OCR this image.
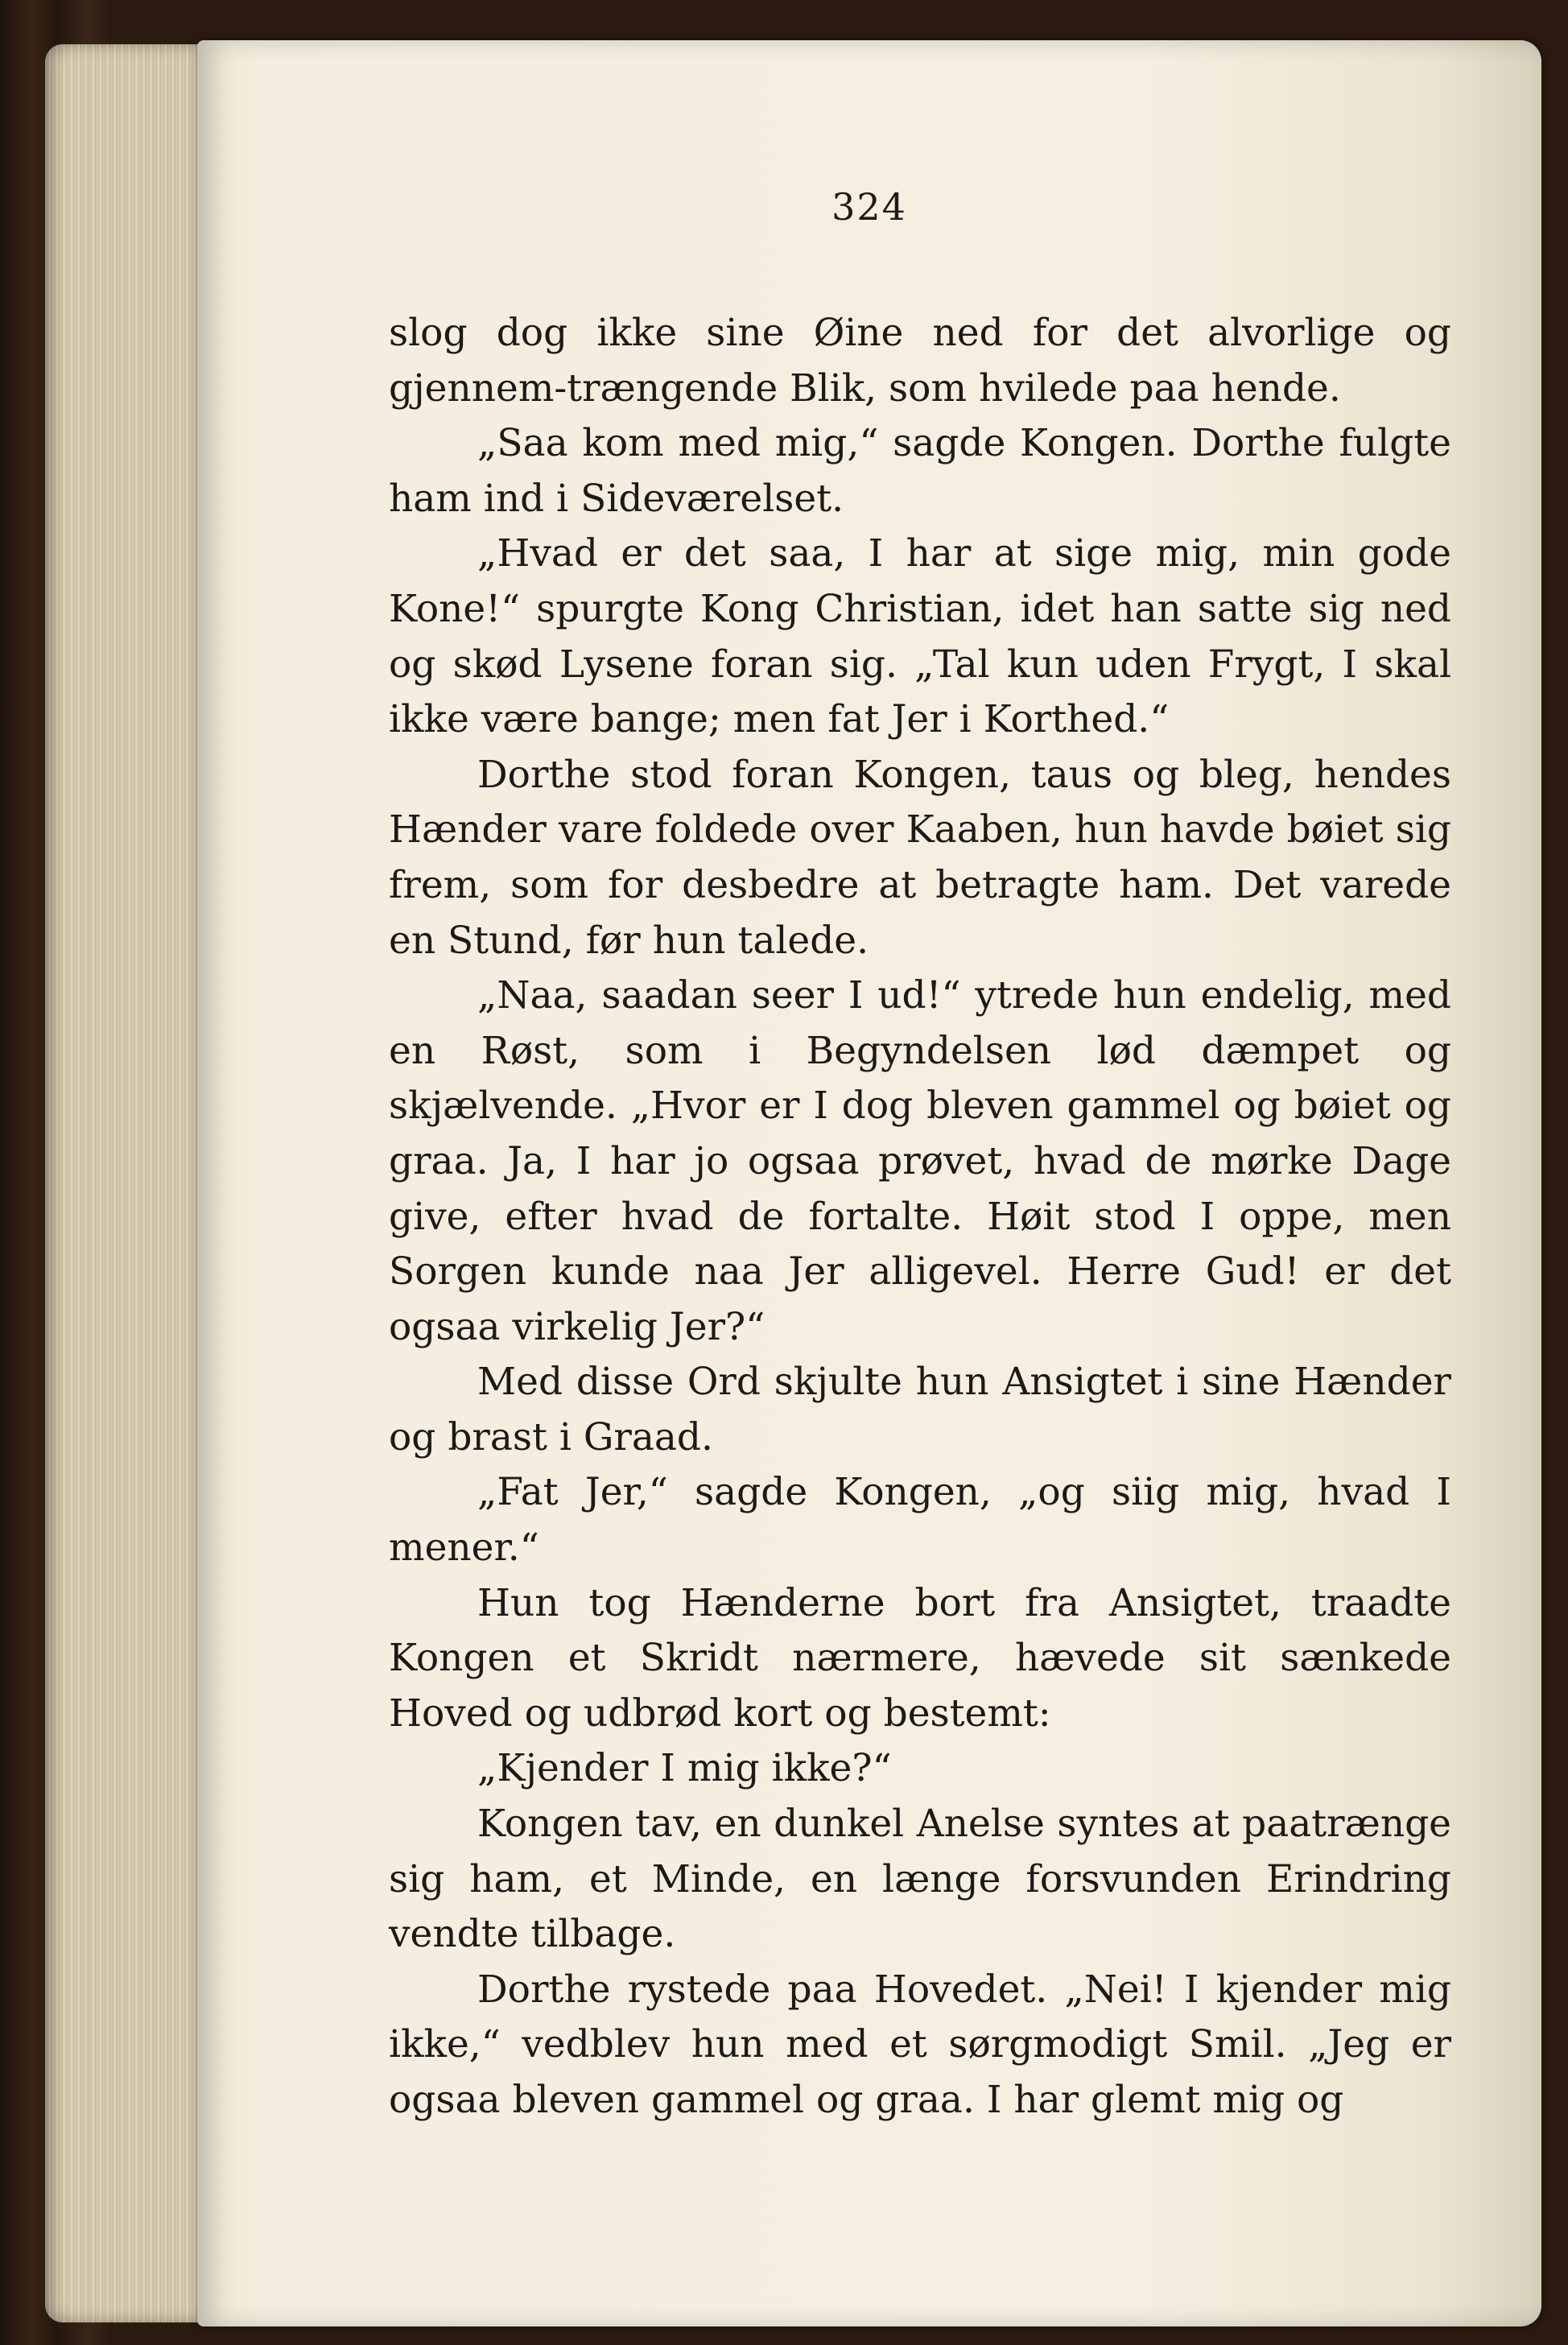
324

slog dog ikke sine Øine ned for det alvorlige og gjennem-trængende Blik, som hvilede paa hende.

„Saa kom med mig,“ sagde Kongen. Dorthe fulgte ham ind i Sideværelset.

„Hvad er det saa, I har at sige mig, min gode Kone!“ spurgte Kong Christian, idet han satte sig ned og skød Lysene foran sig. „Tal kun uden Frygt, I skal ikke være bange; men fat Jer i Korthed.“

Dorthe stod foran Kongen, taus og bleg, hendes Hænder vare foldede over Kaaben, hun havde bøiet sig frem, som for desbedre at betragte ham. Det varede en Stund, før hun talede.

„Naa, saadan seer I ud!“ ytrede hun endelig, med en Røst, som i Begyndelsen lød dæmpet og skjælvende. „Hvor er I dog bleven gammel og bøiet og graa. Ja, I har jo ogsaa prøvet, hvad de mørke Dage give, efter hvad de fortalte. Høit stod I oppe, men Sorgen kunde naa Jer alligevel. Herre Gud! er det ogsaa virkelig Jer?“

Med disse Ord skjulte hun Ansigtet i sine Hænder og brast i Graad.

„Fat Jer,“ sagde Kongen, „og siig mig, hvad I mener.“

Hun tog Hænderne bort fra Ansigtet, traadte Kongen et Skridt nærmere, hævede sit sænkede Hoved og udbrød kort og bestemt:

„Kjender I mig ikke?“

Kongen tav, en dunkel Anelse syntes at paatrænge sig ham, et Minde, en længe forsvunden Erindring vendte tilbage.

Dorthe rystede paa Hovedet. „Nei! I kjender mig ikke,“ vedblev hun med et sørgmodigt Smil. „Jeg er ogsaa bleven gammel og graa. I har glemt mig og
